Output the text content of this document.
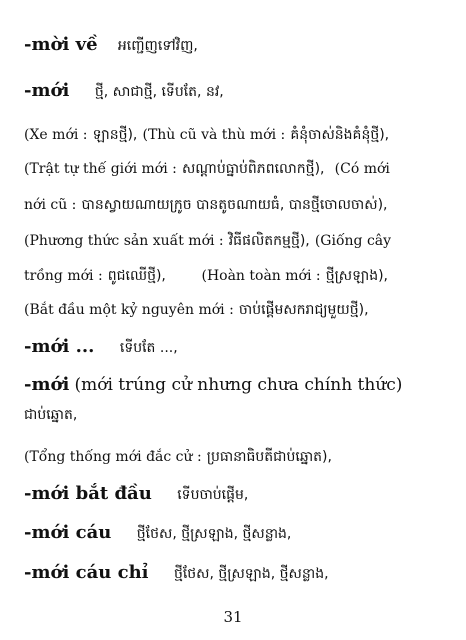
-mời về អញ្ជើញទៅវិញ,
-mới ថ្មី, សាជាថ្មី, ទើបតែ, នវ,
(Xe mới : ឡានថ្មី), (Thù cũ và thù mới : គំនុំចាស់និងគំនុំថ្មី),
(Trật tự thế giới mới : សណ្ដាប់ធ្នាប់ពិភពលោកថ្មី), (Có mới
nới cũ : បានស្វាយណាយក្រូច បានតូចណាយធំ, បានថ្មីចោលចាស់),
(Phương thức sản xuất mới : វិធីផលិតកម្មថ្មី), (Giống cây
trồng mới : ពូជឈើថ្មី),	(Hoàn toàn mới : ថ្មីស្រឡាង),
(Bắt đầu một kỷ nguyên mới : ចាប់ផ្ដើមសករាជ្យមួយថ្មី),
-mới ... ទើបតែ ...,
-mới (mới trúng cử nhưng chưa chính thức)
ជាប់ឆ្នោត,
(Tổng thống mới đắc cử : ប្រធានាធិបតីជាប់ឆ្នោត),
-mới bắt đầu ទើបចាប់ផ្ដើម,
-mới cáu ថ្មីថែស, ថ្មីស្រឡាង, ថ្មីសន្លាង,
-mới cáu chỉ ថ្មីថែស, ថ្មីស្រឡាង, ថ្មីសន្លាង,
31
